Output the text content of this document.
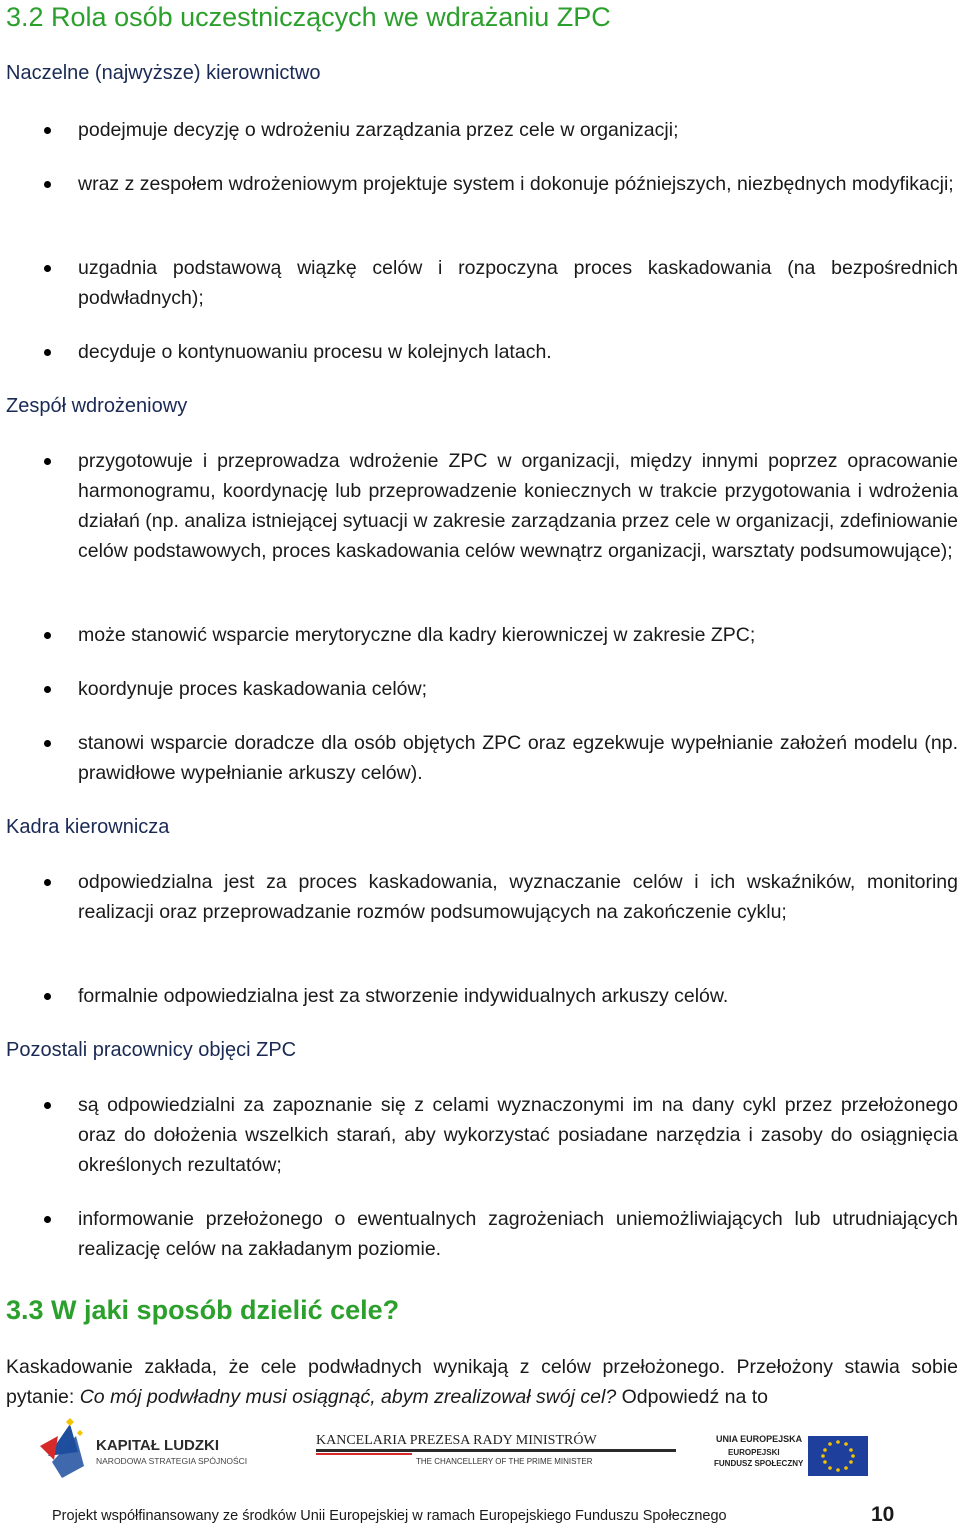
3.2 Rola osób uczestniczących we wdrażaniu ZPC
Naczelne (najwyższe) kierownictwo
podejmuje decyzję o wdrożeniu zarządzania przez cele w organizacji;
wraz z zespołem wdrożeniowym projektuje system i dokonuje późniejszych, niezbędnych modyfikacji;
uzgadnia podstawową wiązkę celów i rozpoczyna proces kaskadowania (na bezpośrednich podwładnych);
decyduje o kontynuowaniu procesu w kolejnych latach.
Zespół wdrożeniowy
przygotowuje i przeprowadza wdrożenie ZPC w organizacji, między innymi poprzez opracowanie harmonogramu, koordynację lub przeprowadzenie koniecznych w trakcie przygotowania i wdrożenia działań (np. analiza istniejącej sytuacji w zakresie zarządzania przez cele w organizacji, zdefiniowanie celów podstawowych, proces kaskadowania celów wewnątrz organizacji, warsztaty podsumowujące);
może stanowić wsparcie merytoryczne dla kadry kierowniczej w zakresie ZPC;
koordynuje proces kaskadowania celów;
stanowi wsparcie doradcze dla osób objętych ZPC oraz egzekwuje wypełnianie założeń modelu (np. prawidłowe wypełnianie arkuszy celów).
Kadra kierownicza
odpowiedzialna jest za proces kaskadowania, wyznaczanie celów i ich wskaźników, monitoring realizacji oraz przeprowadzanie rozmów podsumowujących na zakończenie cyklu;
formalnie odpowiedzialna jest za stworzenie indywidualnych arkuszy celów.
Pozostali pracownicy objęci ZPC
są odpowiedzialni za zapoznanie się z celami wyznaczonymi im na dany cykl przez przełożonego oraz do dołożenia wszelkich starań, aby wykorzystać posiadane narzędzia i zasoby do osiągnięcia określonych rezultatów;
informowanie przełożonego o ewentualnych zagrożeniach uniemożliwiających lub utrudniających realizację celów na zakładanym poziomie.
3.3 W jaki sposób dzielić cele?

Kaskadowanie zakłada, że cele podwładnych wynikają z celów przełożonego. Przełożony stawia sobie pytanie: Co mój podwładny musi osiągnąć, abym zrealizował swój cel? Odpowiedź na to

KAPITAŁ LUDZKI
NARODOWA STRATEGIA SPÓJNOŚCI
KANCELARIA PREZESA RADY MINISTRÓW
THE CHANCELLERY OF THE PRIME MINISTER
UNIA EUROPEJSKA
EUROPEJSKI
FUNDUSZ SPOŁECZNY
Projekt współfinansowany ze środków Unii Europejskiej w ramach Europejskiego Funduszu Społecznego	10
